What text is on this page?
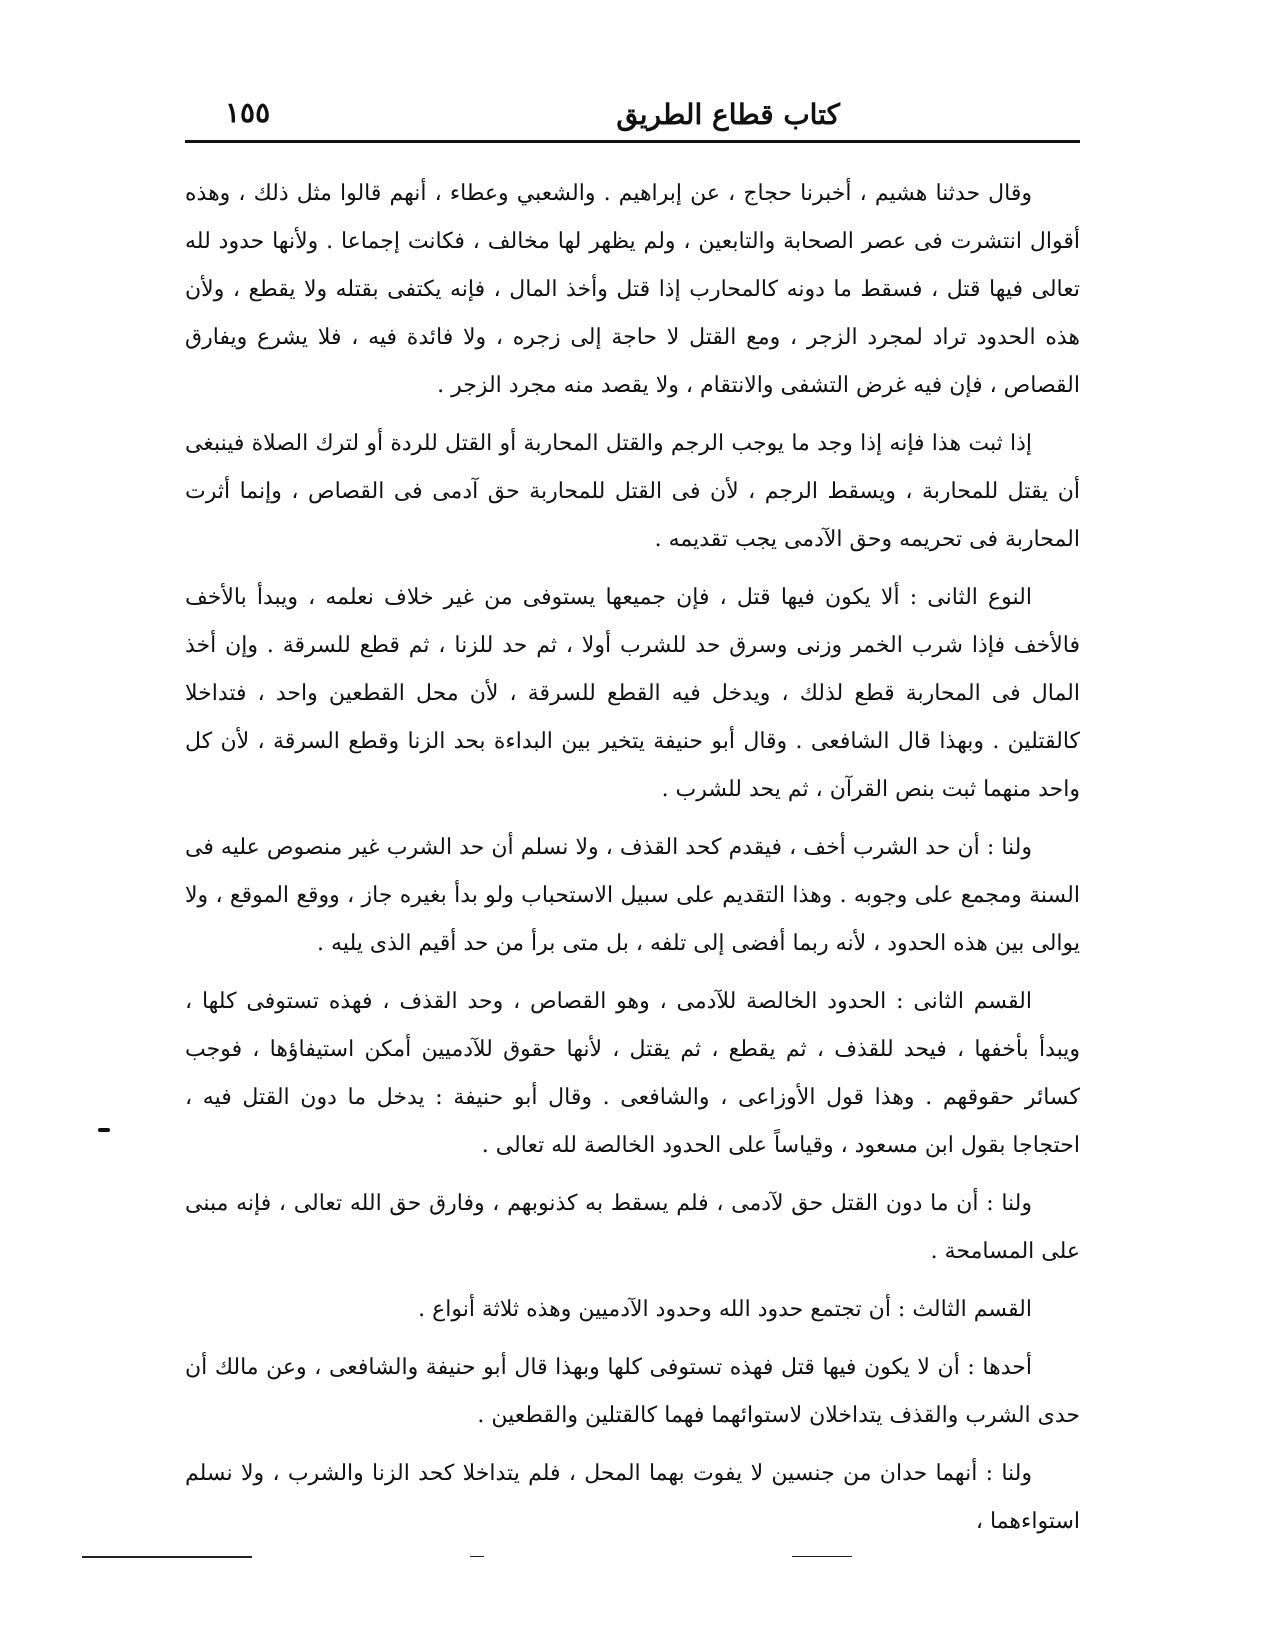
كتاب قطاع الطريق
١٥٥

وقال حدثنا هشيم ، أخبرنا حجاج ، عن إبراهيم . والشعبي وعطاء ، أنهم قالوا مثل ذلك ، وهذه أقوال انتشرت فى عصر الصحابة والتابعين ، ولم يظهر لها مخالف ، فكانت إجماعا . ولأنها حدود لله تعالى فيها قتل ، فسقط ما دونه كالمحارب إذا قتل وأخذ المال ، فإنه يكتفى بقتله ولا يقطع ، ولأن هذه الحدود تراد لمجرد الزجر ، ومع القتل لا حاجة إلى زجره ، ولا فائدة فيه ، فلا يشرع ويفارق القصاص ، فإن فيه غرض التشفى والانتقام ، ولا يقصد منه مجرد الزجر .

إذا ثبت هذا فإنه إذا وجد ما يوجب الرجم والقتل المحاربة أو القتل للردة أو لترك الصلاة فينبغى أن يقتل للمحاربة ، ويسقط الرجم ، لأن فى القتل للمحاربة حق آدمى فى القصاص ، وإنما أثرت المحاربة فى تحريمه وحق الآدمى يجب تقديمه .

النوع الثانى : ألا يكون فيها قتل ، فإن جميعها يستوفى من غير خلاف نعلمه ، ويبدأ بالأخف فالأخف فإذا شرب الخمر وزنى وسرق حد للشرب أولا ، ثم حد للزنا ، ثم قطع للسرقة . وإن أخذ المال فى المحاربة قطع لذلك ، ويدخل فيه القطع للسرقة ، لأن محل القطعين واحد ، فتداخلا كالقتلين . وبهذا قال الشافعى . وقال أبو حنيفة يتخير بين البداءة بحد الزنا وقطع السرقة ، لأن كل واحد منهما ثبت بنص القرآن ، ثم يحد للشرب .

ولنا : أن حد الشرب أخف ، فيقدم كحد القذف ، ولا نسلم أن حد الشرب غير منصوص عليه فى السنة ومجمع على وجوبه . وهذا التقديم على سبيل الاستحباب ولو بدأ بغيره جاز ، ووقع الموقع ، ولا يوالى بين هذه الحدود ، لأنه ربما أفضى إلى تلفه ، بل متى برأ من حد أقيم الذى يليه .

القسم الثانى : الحدود الخالصة للآدمى ، وهو القصاص ، وحد القذف ، فهذه تستوفى كلها ، ويبدأ بأخفها ، فيحد للقذف ، ثم يقطع ، ثم يقتل ، لأنها حقوق للآدميين أمكن استيفاؤها ، فوجب كسائر حقوقهم . وهذا قول الأوزاعى ، والشافعى . وقال أبو حنيفة : يدخل ما دون القتل فيه ، احتجاجا بقول ابن مسعود ، وقياساً على الحدود الخالصة لله تعالى .

ولنا : أن ما دون القتل حق لآدمى ، فلم يسقط به كذنوبهم ، وفارق حق الله تعالى ، فإنه مبنى على المسامحة .

القسم الثالث : أن تجتمع حدود الله وحدود الآدميين وهذه ثلاثة أنواع .

أحدها : أن لا يكون فيها قتل فهذه تستوفى كلها وبهذا قال أبو حنيفة والشافعى ، وعن مالك أن حدى الشرب والقذف يتداخلان لاستوائهما فهما كالقتلين والقطعين .

ولنا : أنهما حدان من جنسين لا يفوت بهما المحل ، فلم يتداخلا كحد الزنا والشرب ، ولا نسلم استواءهما ،
